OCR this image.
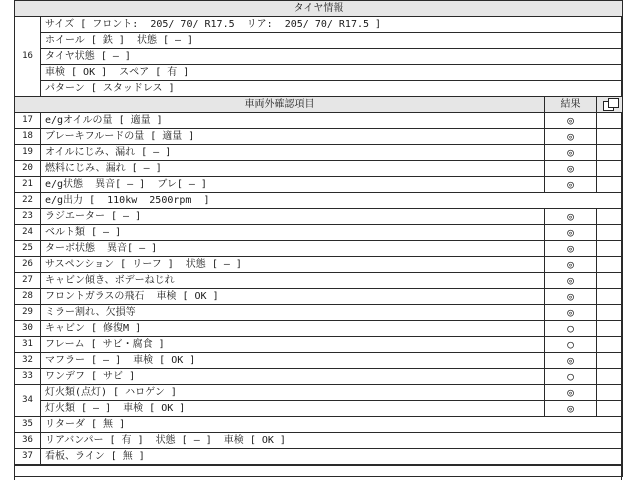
タイヤ情報			
16	サイズ [ フロント:  205/ 70/ R17.5  リア:  205/ 70/ R17.5 ]		
	ホイール [ 鉄 ]  状態 [ ― ]		
	タイヤ状態 [ ― ]		
	車検 [ OK ]  スペア [ 有 ]		
	パターン [ スタッドレス ]		
車両外確認項目		結果	

17	e/gオイルの量 [ 適量 ]	◎	
18	ブレーキフルードの量 [ 適量 ]	◎	
19	オイルにじみ、漏れ [ ― ]	◎	
20	燃料にじみ、漏れ [ ― ]	◎	
21	e/g状態  異音[ ― ]  ブレ[ ― ]	◎	
22	e/g出力 [  110kw  2500rpm  ]		
23	ラジエーター [ ― ]	◎	
24	ベルト類 [ ― ]	◎	
25	ターボ状態  異音[ ― ]	◎	
26	サスペンション [ リーフ ]  状態 [ ― ]	◎	
27	キャビン傾き、ボデーねじれ	◎	
28	フロントガラスの飛石  車検 [ OK ]	◎	
29	ミラー割れ、欠損等	◎	
30	キャビン [ 修復M ]	○	
31	フレーム [ サビ・腐食 ]	○	
32	マフラー [ ― ]  車検 [ OK ]	◎	
33	ワンデフ [ サビ ]	○	
34	灯火類(点灯) [ ハロゲン ]	◎	
	灯火類 [ ― ]  車検 [ OK ]	◎	
35	リターダ [ 無 ]		
36	リアバンパー [ 有 ]  状態 [ ― ]  車検 [ OK ]		
37	看板、ライン [ 無 ]		
